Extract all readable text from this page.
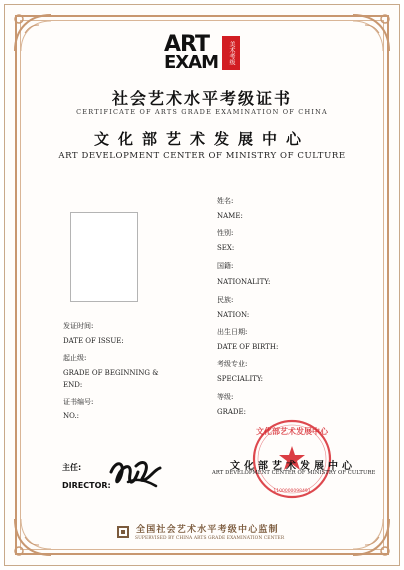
ART
EXAM	美术考级
社会艺术水平考级证书
CERTIFICATE OF ARTS GRADE EXAMINATION OF CHINA
文化部艺术发展中心
ART DEVELOPMENT CENTER OF MINISTRY OF CULTURE
发证时间:
DATE OF ISSUE:
起止级:
GRADE OF BEGINNING &
END:
证书编号:
NO.:
姓名:
NAME:
性别:
SEX:
国籍:
NATIONALITY:
民族:
NATION:
出生日期:
DATE OF BIRTH:
考级专业:
SPECIALITY:
等级:
GRADE:
主任:
DIRECTOR:
文化部艺术发展中心
1100000098491
文化部艺术发展中心
ART DEVELOPMENT CENTER OF MINISTRY OF CULTURE
全国社会艺术水平考级中心监制
SUPERVISED BY CHINA ARTS GRADE EXAMINATION CENTER
